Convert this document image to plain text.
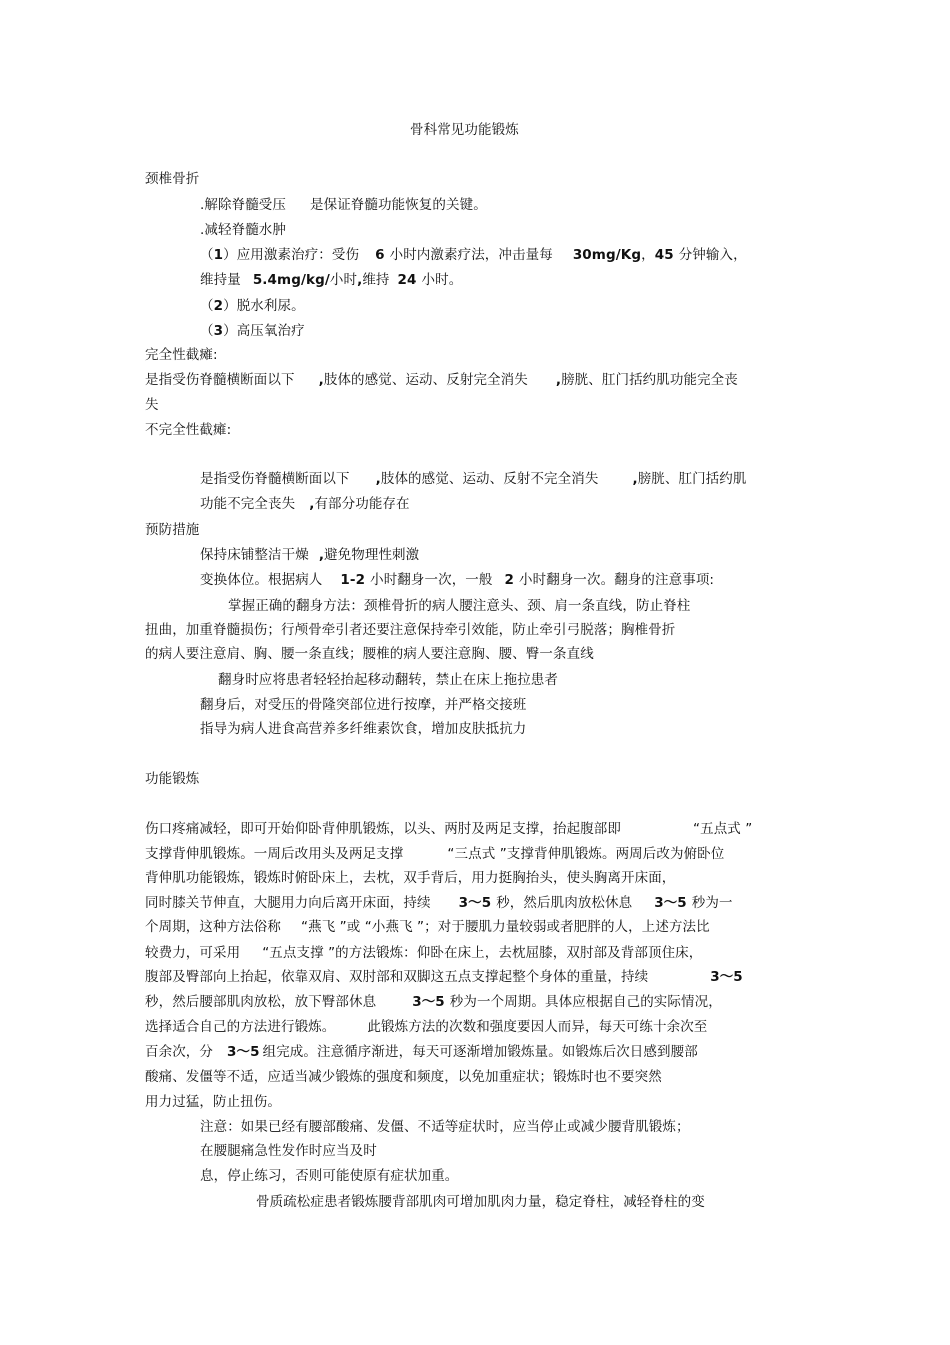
骨科常见功能锻炼
颈椎骨折
.解除脊髓受压 是保证脊髓功能恢复的关键。
.减轻脊髓水肿
（1）应用激素治疗：受伤 6 小时内激素疗法，冲击量每 30mg/Kg，45 分钟输入，
维持量 5.4mg/kg/小时,维持 24 小时。
（2）脱水利尿。
（3）高压氧治疗
完全性截瘫:
是指受伤脊髓横断面以下 ,肢体的感觉、运动、反射完全消失 ,膀胱、肛门括约肌功能完全丧
失
不完全性截瘫:
是指受伤脊髓横断面以下 ,肢体的感觉、运动、反射不完全消失	,膀胱、肛门括约肌
功能不完全丧失 ,有部分功能存在
预防措施
保持床铺整洁干燥 ,避免物理性刺激
变换体位。根据病人 1-2 小时翻身一次，一般 2 小时翻身一次。翻身的注意事项:
掌握正确的翻身方法：颈椎骨折的病人腰注意头、颈、肩一条直线，防止脊柱
扭曲，加重脊髓损伤；行颅骨牵引者还要注意保持牵引效能，防止牵引弓脱落；胸椎骨折
的病人要注意肩、胸、腰一条直线；腰椎的病人要注意胸、腰、臀一条直线
翻身时应将患者轻轻抬起移动翻转，禁止在床上拖拉患者
翻身后，对受压的骨隆突部位进行按摩，并严格交接班
指导为病人进食高营养多纤维素饮食，增加皮肤抵抗力
功能锻炼
伤口疼痛减轻，即可开始仰卧背伸肌锻炼，以头、两肘及两足支撑，抬起腹部即	“五点式 ”
支撑背伸肌锻炼。一周后改用头及两足支撑	“三点式 ”支撑背伸肌锻炼。两周后改为俯卧位
背伸肌功能锻炼，锻炼时俯卧床上，去枕，双手背后，用力挺胸抬头，使头胸离开床面，
同时膝关节伸直，大腿用力向后离开床面，持续 3～5 秒，然后肌肉放松休息 3～5 秒为一
个周期，这种方法俗称 “燕飞 ”或 “小燕飞 ”；对于腰肌力量较弱或者肥胖的人，上述方法比
较费力，可采用 “五点支撑 ”的方法锻炼：仰卧在床上，去枕屈膝，双肘部及背部顶住床，
腹部及臀部向上抬起，依靠双肩、双肘部和双脚这五点支撑起整个身体的重量，持续	3～5
秒，然后腰部肌肉放松，放下臀部休息	3～5 秒为一个周期。具体应根据自己的实际情况，
选择适合自己的方法进行锻炼。 此锻炼方法的次数和强度要因人而异，每天可练十余次至
百余次，分 3～5 组完成。注意循序渐进，每天可逐渐增加锻炼量。如锻炼后次日感到腰部
酸痛、发僵等不适，应适当减少锻炼的强度和频度，以免加重症状；锻炼时也不要突然
用力过猛，防止扭伤。
注意：如果已经有腰部酸痛、发僵、不适等症状时，应当停止或减少腰背肌锻炼；
在腰腿痛急性发作时应当及时
息，停止练习，否则可能使原有症状加重。
骨质疏松症患者锻炼腰背部肌肉可增加肌肉力量，稳定脊柱，减轻脊柱的变
